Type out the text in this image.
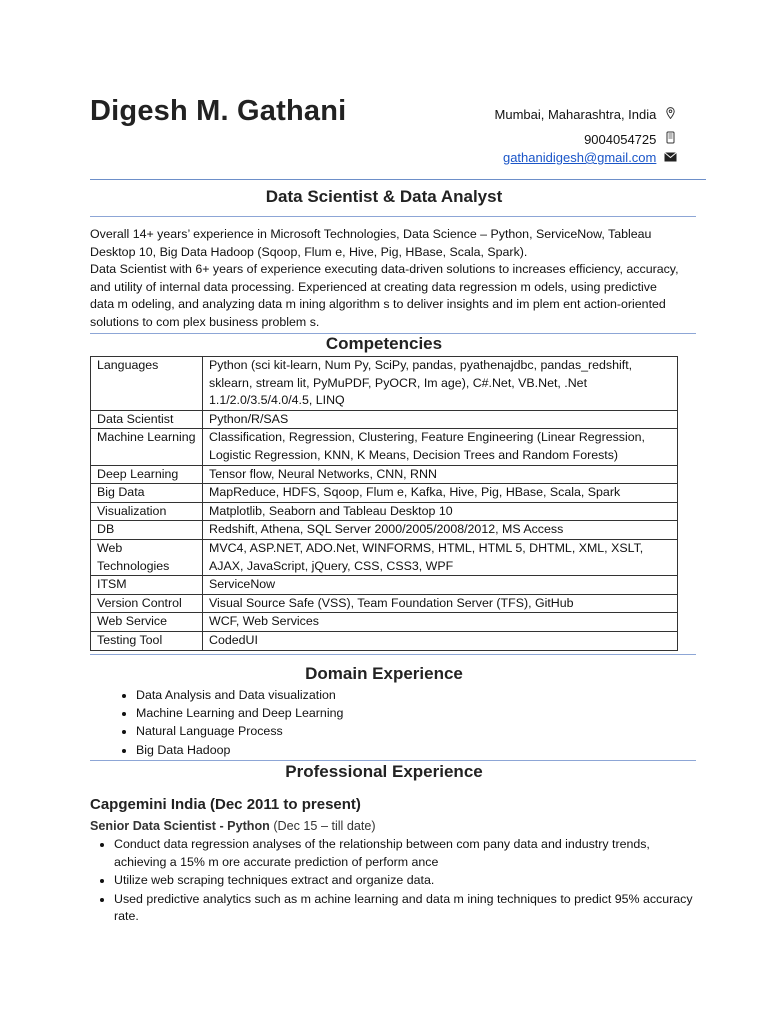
Digesh M. Gathani	Mumbai, Maharashtra, India
9004054725
gathanidigesh@gmail.com
Data Scientist & Data Analyst

Overall 14+ years’ experience in Microsoft Technologies, Data Science – Python, ServiceNow, Tableau Desktop 10, Big Data Hadoop (Sqoop, Flum e, Hive, Pig, HBase, Scala, Spark).

Data Scientist with 6+ years of experience executing data-driven solutions to increases efficiency, accuracy, and utility of internal data processing. Experienced at creating data regression m odels, using predictive data m odeling, and analyzing data m ining algorithm s to deliver insights and im plem ent action-oriented solutions to com plex business problem s.

Competencies
Languages	Python (sci kit-learn, Num Py, SciPy, pandas, pyathenajdbc, pandas_redshift, sklearn, stream lit, PyMuPDF, PyOCR, Im age), C#.Net, VB.Net, .Net 1.1/2.0/3.5/4.0/4.5, LINQ
Data Scientist	Python/R/SAS
Machine Learning	Classification, Regression, Clustering, Feature Engineering (Linear Regression, Logistic Regression, KNN, K Means, Decision Trees and Random Forests)
Deep Learning	Tensor flow, Neural Networks, CNN, RNN
Big Data	MapReduce, HDFS, Sqoop, Flum e, Kafka, Hive, Pig, HBase, Scala, Spark
Visualization	Matplotlib, Seaborn and Tableau Desktop 10
DB	Redshift, Athena, SQL Server 2000/2005/2008/2012, MS Access
Web Technologies	MVC4, ASP.NET, ADO.Net, WINFORMS, HTML, HTML 5, DHTML, XML, XSLT, AJAX, JavaScript, jQuery, CSS, CSS3, WPF
ITSM	ServiceNow
Version Control	Visual Source Safe (VSS), Team Foundation Server (TFS), GitHub
Web Service	WCF, Web Services
Testing Tool	CodedUI
Domain Experience
• Data Analysis and Data visualization
• Machine Learning and Deep Learning
• Natural Language Process
• Big Data Hadoop
Professional Experience
Capgemini India (Dec 2011 to present)
Senior Data Scientist - Python (Dec 15 – till date)
• Conduct data regression analyses of the relationship between com pany data and industry trends, achieving a 15% m ore accurate prediction of perform ance
• Utilize web scraping techniques extract and organize data.
• Used predictive analytics such as m achine learning and data m ining techniques to predict 95% accuracy rate.
